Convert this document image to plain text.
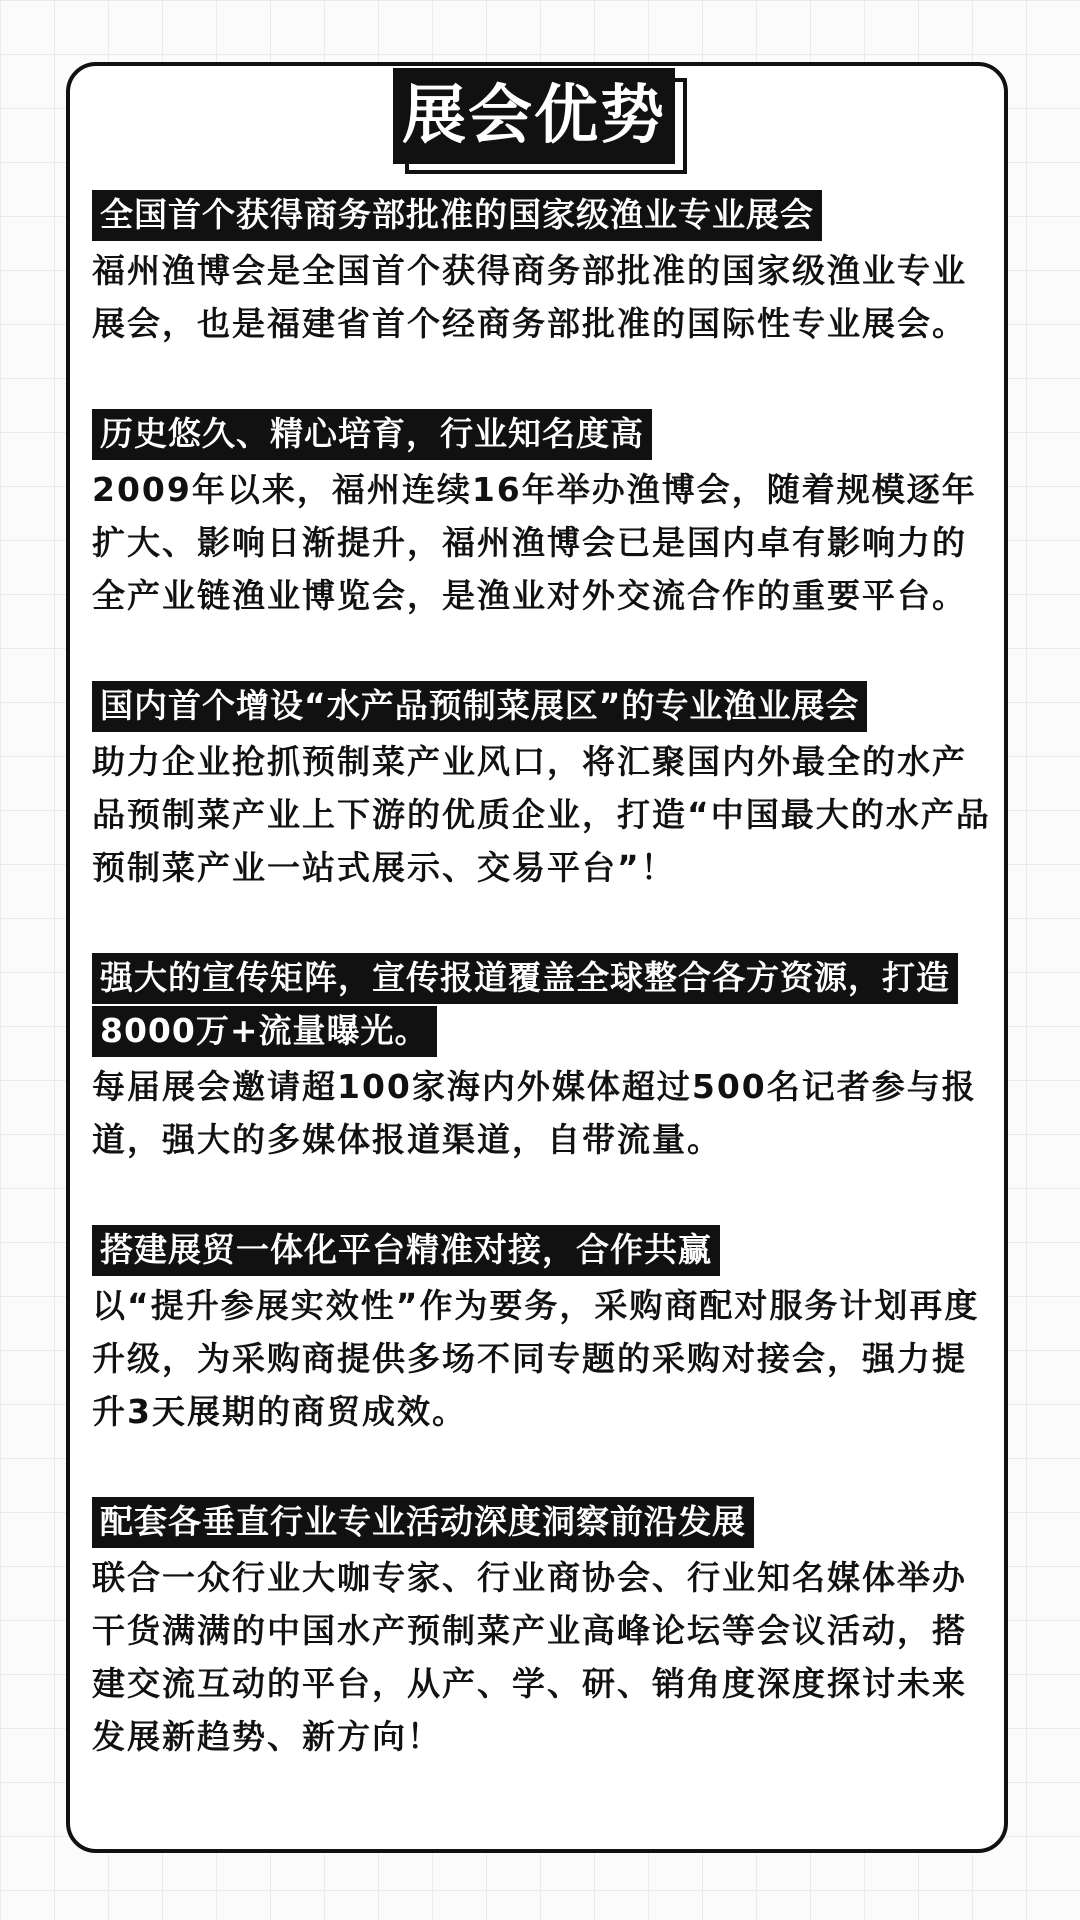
展会优势
全国首个获得商务部批准的国家级渔业专业展会
福州渔博会是全国首个获得商务部批准的国家级渔业专业展会，也是福建省首个经商务部批准的国际性专业展会。
历史悠久、精心培育，行业知名度高
2009年以来，福州连续16年举办渔博会，随着规模逐年扩大、影响日渐提升，福州渔博会已是国内卓有影响力的全产业链渔业博览会，是渔业对外交流合作的重要平台。
国内首个增设“水产品预制菜展区”的专业渔业展会
助力企业抢抓预制菜产业风口，将汇聚国内外最全的水产品预制菜产业上下游的优质企业，打造“中国最大的水产品预制菜产业一站式展示、交易平台”！
强大的宣传矩阵，宣传报道覆盖全球整合各方资源，打造8000万+流量曝光。
每届展会邀请超100家海内外媒体超过500名记者参与报道，强大的多媒体报道渠道，自带流量。
搭建展贸一体化平台精准对接，合作共赢
以“提升参展实效性”作为要务，采购商配对服务计划再度升级，为采购商提供多场不同专题的采购对接会，强力提升3天展期的商贸成效。
配套各垂直行业专业活动深度洞察前沿发展
联合一众行业大咖专家、行业商协会、行业知名媒体举办干货满满的中国水产预制菜产业高峰论坛等会议活动，搭建交流互动的平台，从产、学、研、销角度深度探讨未来发展新趋势、新方向！
